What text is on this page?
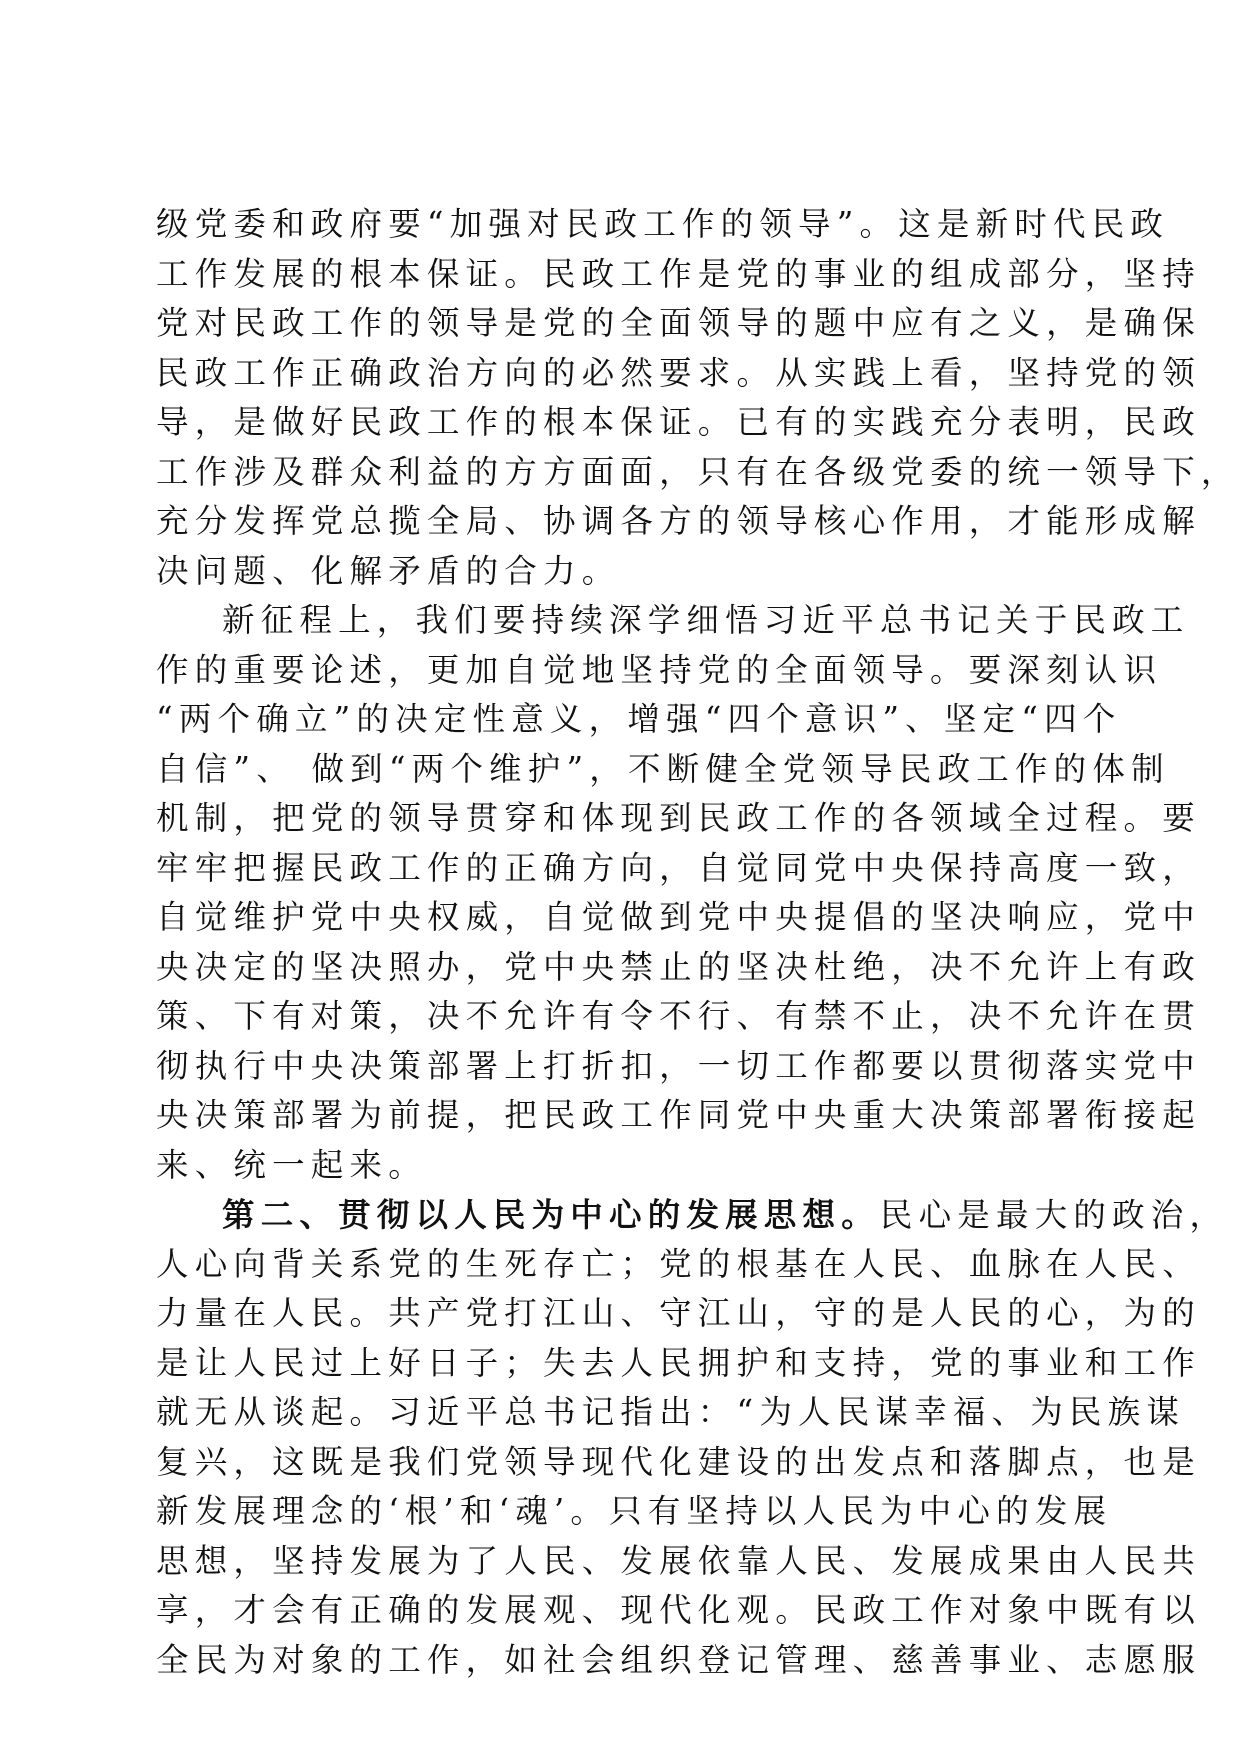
级党委和政府要“加强对民政工作的领导”。这是新时代民政
工作发展的根本保证。民政工作是党的事业的组成部分，坚持
党对民政工作的领导是党的全面领导的题中应有之义，是确保
民政工作正确政治方向的必然要求。从实践上看，坚持党的领
导，是做好民政工作的根本保证。已有的实践充分表明，民政
工作涉及群众利益的方方面面，只有在各级党委的统一领导下，
充分发挥党总揽全局、协调各方的领导核心作用，才能形成解
决问题、化解矛盾的合力。
新征程上，我们要持续深学细悟习近平总书记关于民政工
作的重要论述，更加自觉地坚持党的全面领导。要深刻认识
“两个确立”的决定性意义，增强“四个意识”、坚定“四个
自信”、 做到“两个维护”，不断健全党领导民政工作的体制
机制，把党的领导贯穿和体现到民政工作的各领域全过程。要
牢牢把握民政工作的正确方向，自觉同党中央保持高度一致，
自觉维护党中央权威，自觉做到党中央提倡的坚决响应，党中
央决定的坚决照办，党中央禁止的坚决杜绝，决不允许上有政
策、下有对策，决不允许有令不行、有禁不止，决不允许在贯
彻执行中央决策部署上打折扣，一切工作都要以贯彻落实党中
央决策部署为前提，把民政工作同党中央重大决策部署衔接起
来、统一起来。
第二、贯彻以人民为中心的发展思想。民心是最大的政治，
人心向背关系党的生死存亡；党的根基在人民、血脉在人民、
力量在人民。共产党打江山、守江山，守的是人民的心，为的
是让人民过上好日子；失去人民拥护和支持，党的事业和工作
就无从谈起。习近平总书记指出：“为人民谋幸福、为民族谋
复兴，这既是我们党领导现代化建设的出发点和落脚点，也是
新发展理念的‘根’和‘魂’。只有坚持以人民为中心的发展
思想，坚持发展为了人民、发展依靠人民、发展成果由人民共
享，才会有正确的发展观、现代化观。民政工作对象中既有以
全民为对象的工作，如社会组织登记管理、慈善事业、志愿服
